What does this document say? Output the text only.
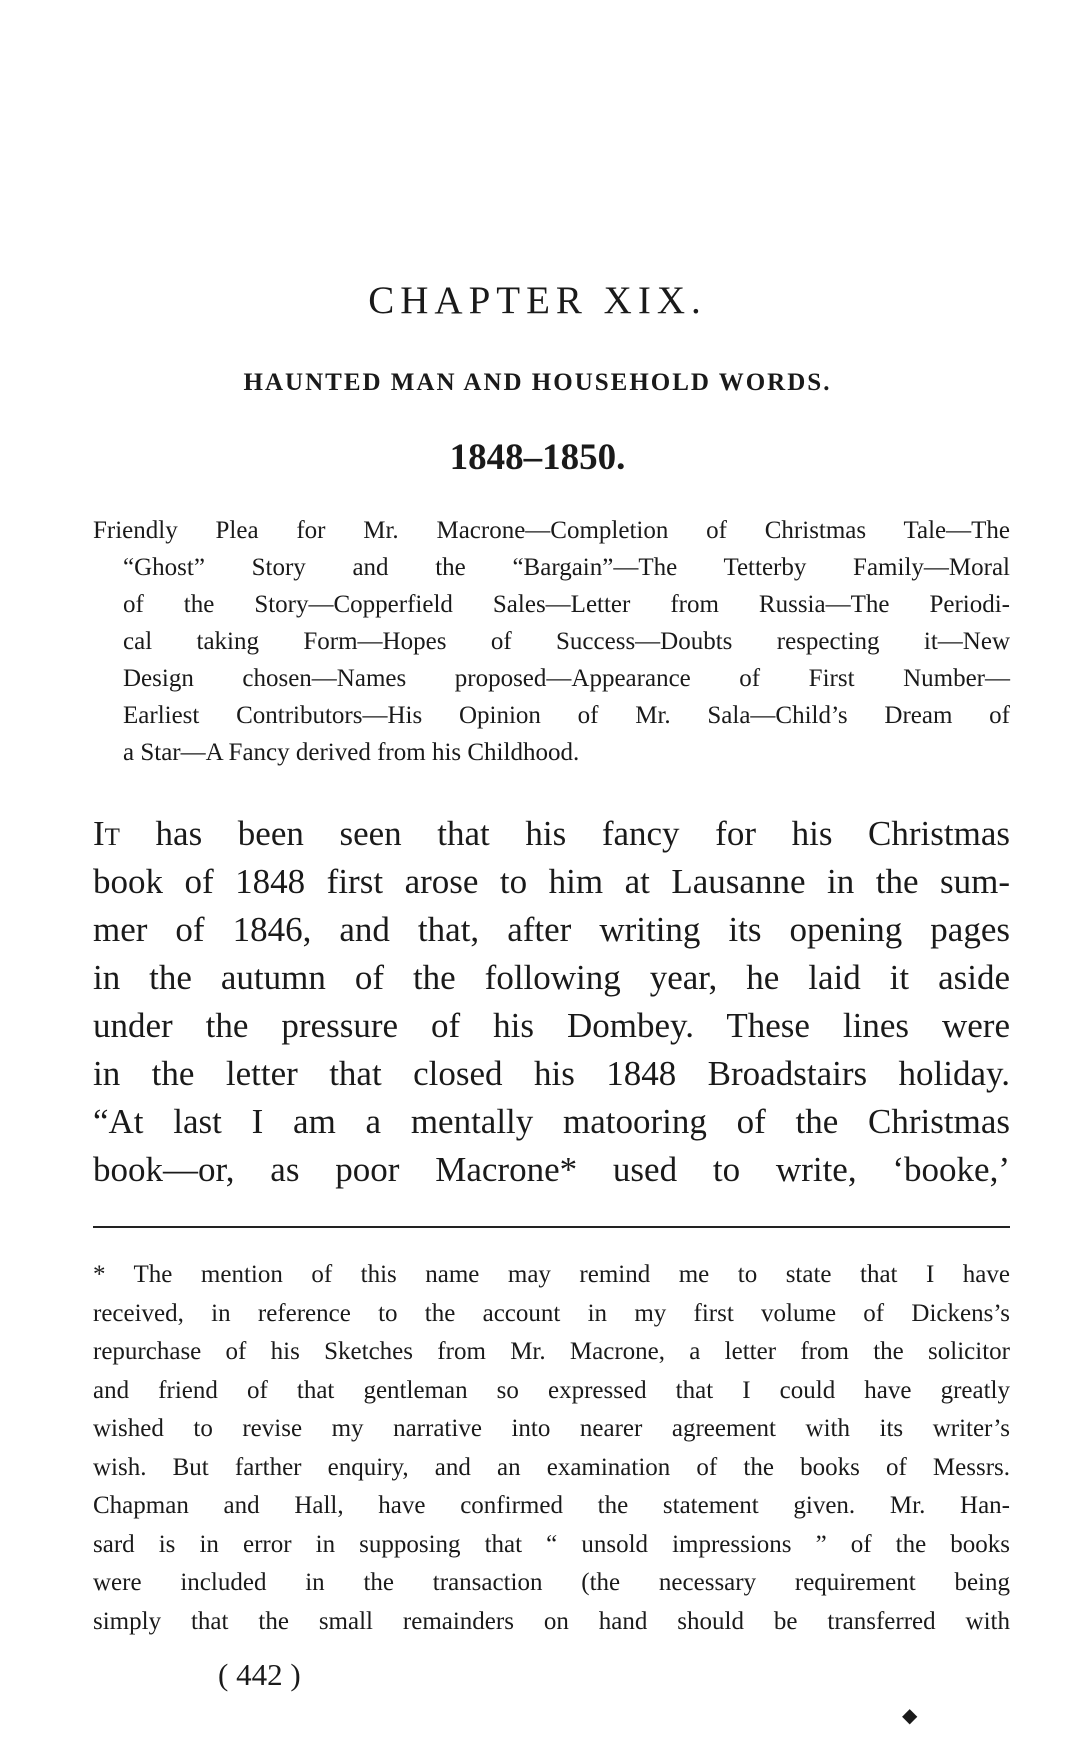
CHAPTER XIX.
HAUNTED MAN AND HOUSEHOLD WORDS.
1848–1850.
Friendly Plea for Mr. Macrone—Completion of Christmas Tale—The
“Ghost” Story and the “Bargain”—The Tetterby Family—Moral
of the Story—Copperfield Sales—Letter from Russia—The Periodi-
cal taking Form—Hopes of Success—Doubts respecting it—New
Design chosen—Names proposed—Appearance of First Number—
Earliest Contributors—His Opinion of Mr. Sala—Child’s Dream of
a Star—A Fancy derived from his Childhood.
It has been seen that his fancy for his Christmas
book of 1848 first arose to him at Lausanne in the sum-
mer of 1846, and that, after writing its opening pages
in the autumn of the following year, he laid it aside
under the pressure of his Dombey. These lines were
in the letter that closed his 1848 Broadstairs holiday.
“At last I am a mentally matooring of the Christmas
book—or, as poor Macrone* used to write, ‘booke,’
* The mention of this name may remind me to state that I have
received, in reference to the account in my first volume of Dickens’s
repurchase of his Sketches from Mr. Macrone, a letter from the solicitor
and friend of that gentleman so expressed that I could have greatly
wished to revise my narrative into nearer agreement with its writer’s
wish. But farther enquiry, and an examination of the books of Messrs.
Chapman and Hall, have confirmed the statement given. Mr. Han-
sard is in error in supposing that “ unsold impressions ” of the books
were included in the transaction (the necessary requirement being
simply that the small remainders on hand should be transferred with
( 442 )
◆
